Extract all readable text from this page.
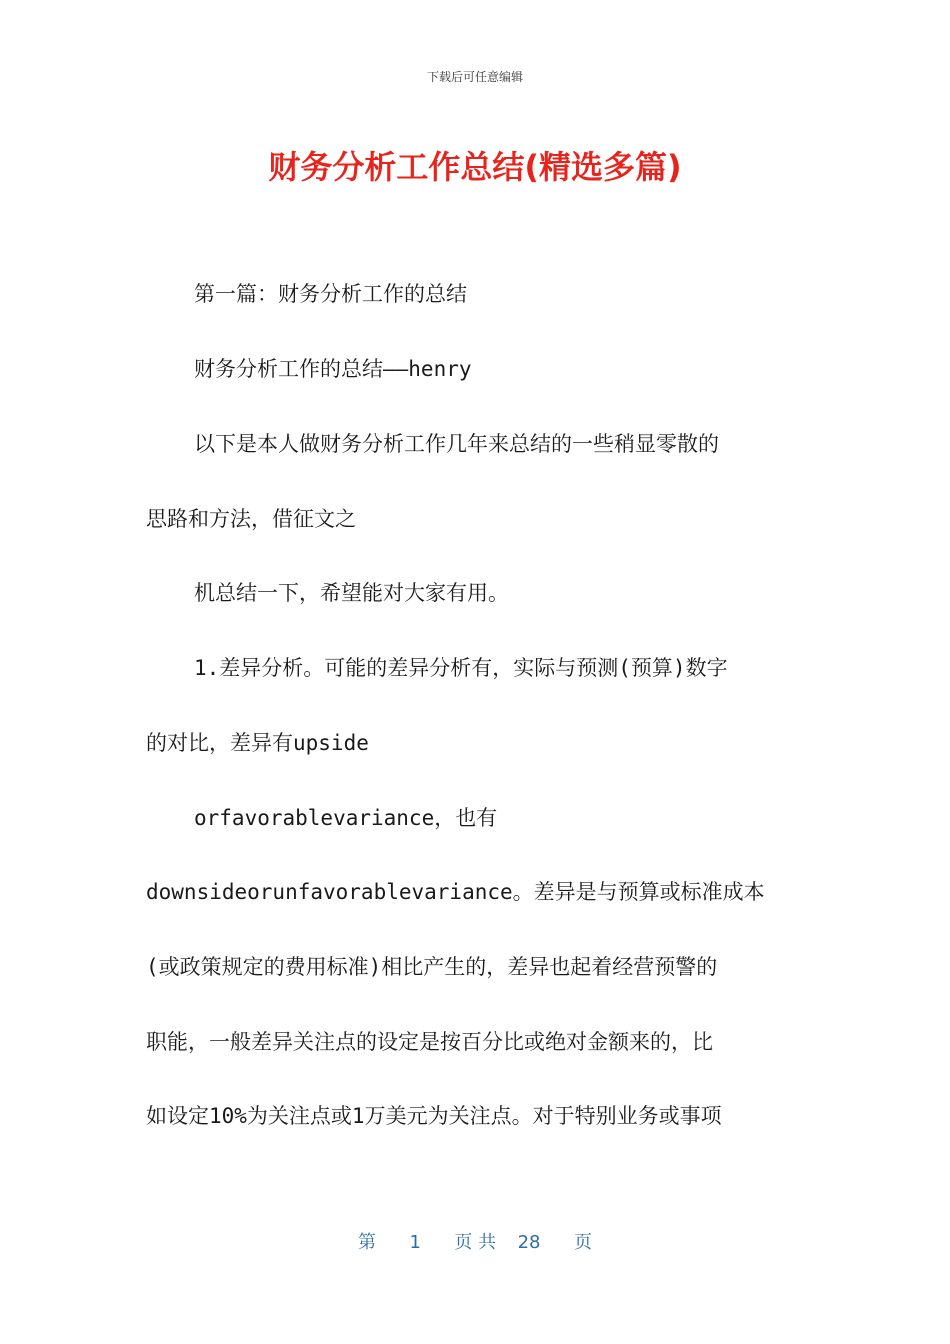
下载后可任意编辑
财务分析工作总结(精选多篇)
第一篇：财务分析工作的总结
财务分析工作的总结——henry
以下是本人做财务分析工作几年来总结的一些稍显零散的
思路和方法，借征文之
机总结一下，希望能对大家有用。
1.差异分析。可能的差异分析有，实际与预测(预算)数字
的对比，差异有upside
orfavorablevariance，也有
downsideorunfavorablevariance。差异是与预算或标准成本
(或政策规定的费用标准)相比产生的，差异也起着经营预警的
职能，一般差异关注点的设定是按百分比或绝对金额来的，比
如设定10%为关注点或1万美元为关注点。对于特别业务或事项
第 1 页 共 28 页
